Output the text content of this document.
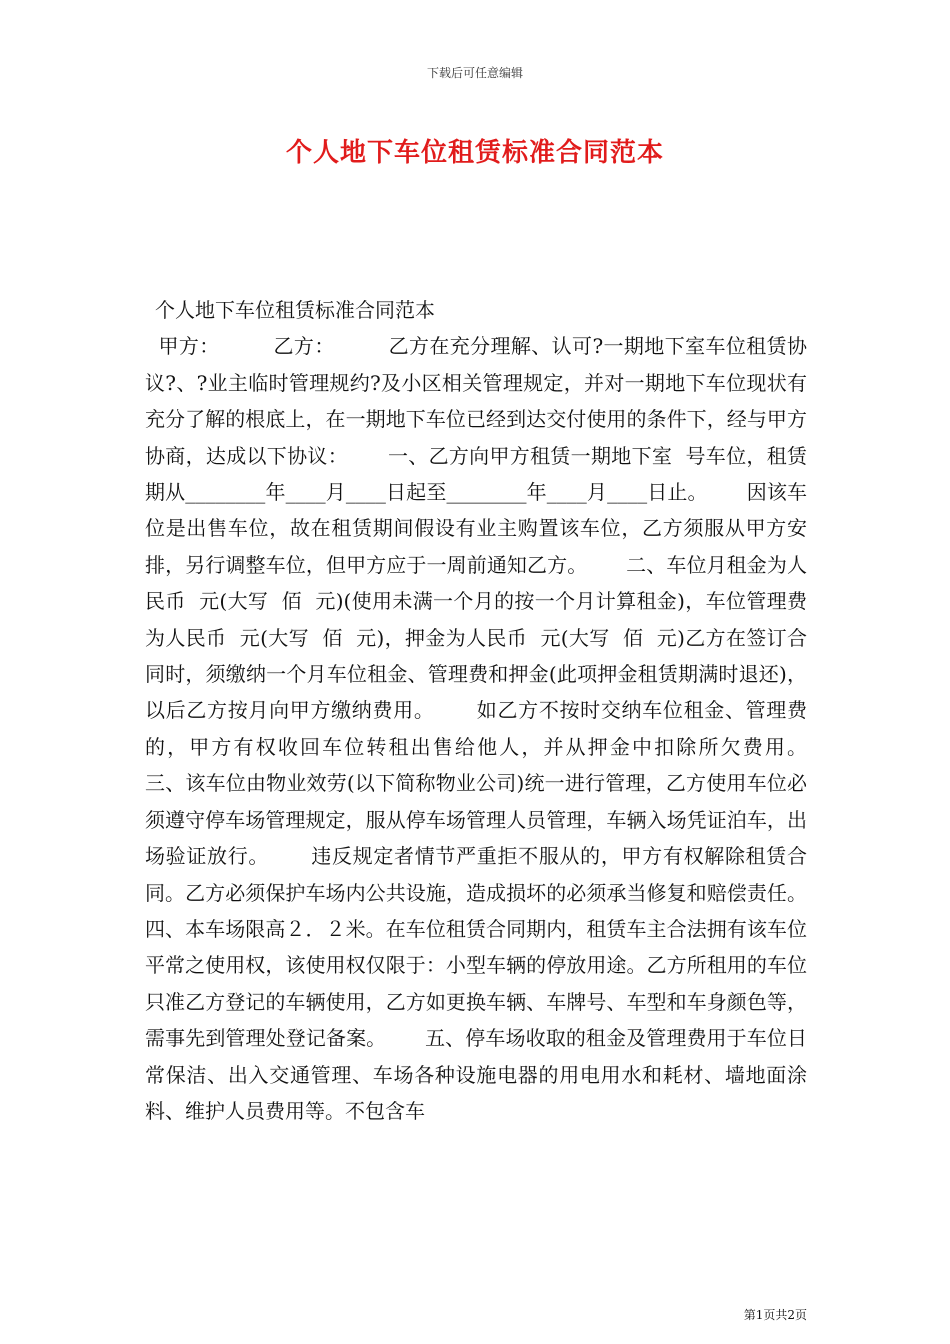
下载后可任意编辑
个人地下车位租赁标准合同范本

个人地下车位租赁标准合同范本

甲方：        乙方：        乙方在充分理解、认可?一期地下室车位租赁协议?、?业主临时管理规约?及小区相关管理规定，并对一期地下车位现状有充分了解的根底上，在一期地下车位已经到达交付使用的条件下，经与甲方协商，达成以下协议：      一、乙方向甲方租赁一期地下室  号车位，租赁期从________年____月____日起至________年____月____日止。      因该车位是出售车位，故在租赁期间假设有业主购置该车位，乙方须服从甲方安排，另行调整车位，但甲方应于一周前通知乙方。      二、车位月租金为人民币  元(大写  佰  元)(使用未满一个月的按一个月计算租金)，车位管理费为人民币  元(大写  佰  元)，押金为人民币  元(大写  佰  元)乙方在签订合同时，须缴纳一个月车位租金、管理费和押金(此项押金租赁期满时退还)，以后乙方按月向甲方缴纳费用。      如乙方不按时交纳车位租金、管理费的，甲方有权收回车位转租出售给他人，并从押金中扣除所欠费用。      三、该车位由物业效劳(以下简称物业公司)统一进行管理，乙方使用车位必须遵守停车场管理规定，服从停车场管理人员管理，车辆入场凭证泊车，出场验证放行。      违反规定者情节严重拒不服从的，甲方有权解除租赁合同。乙方必须保护车场内公共设施，造成损坏的必须承当修复和赔偿责任。      四、本车场限高２．２米。在车位租赁合同期内，租赁车主合法拥有该车位平常之使用权，该使用权仅限于：小型车辆的停放用途。乙方所租用的车位只准乙方登记的车辆使用，乙方如更换车辆、车牌号、车型和车身颜色等，需事先到管理处登记备案。      五、停车场收取的租金及管理费用于车位日常保洁、出入交通管理、车场各种设施电器的用电用水和耗材、墙地面涂料、维护人员费用等。不包含车

第1页共2页
